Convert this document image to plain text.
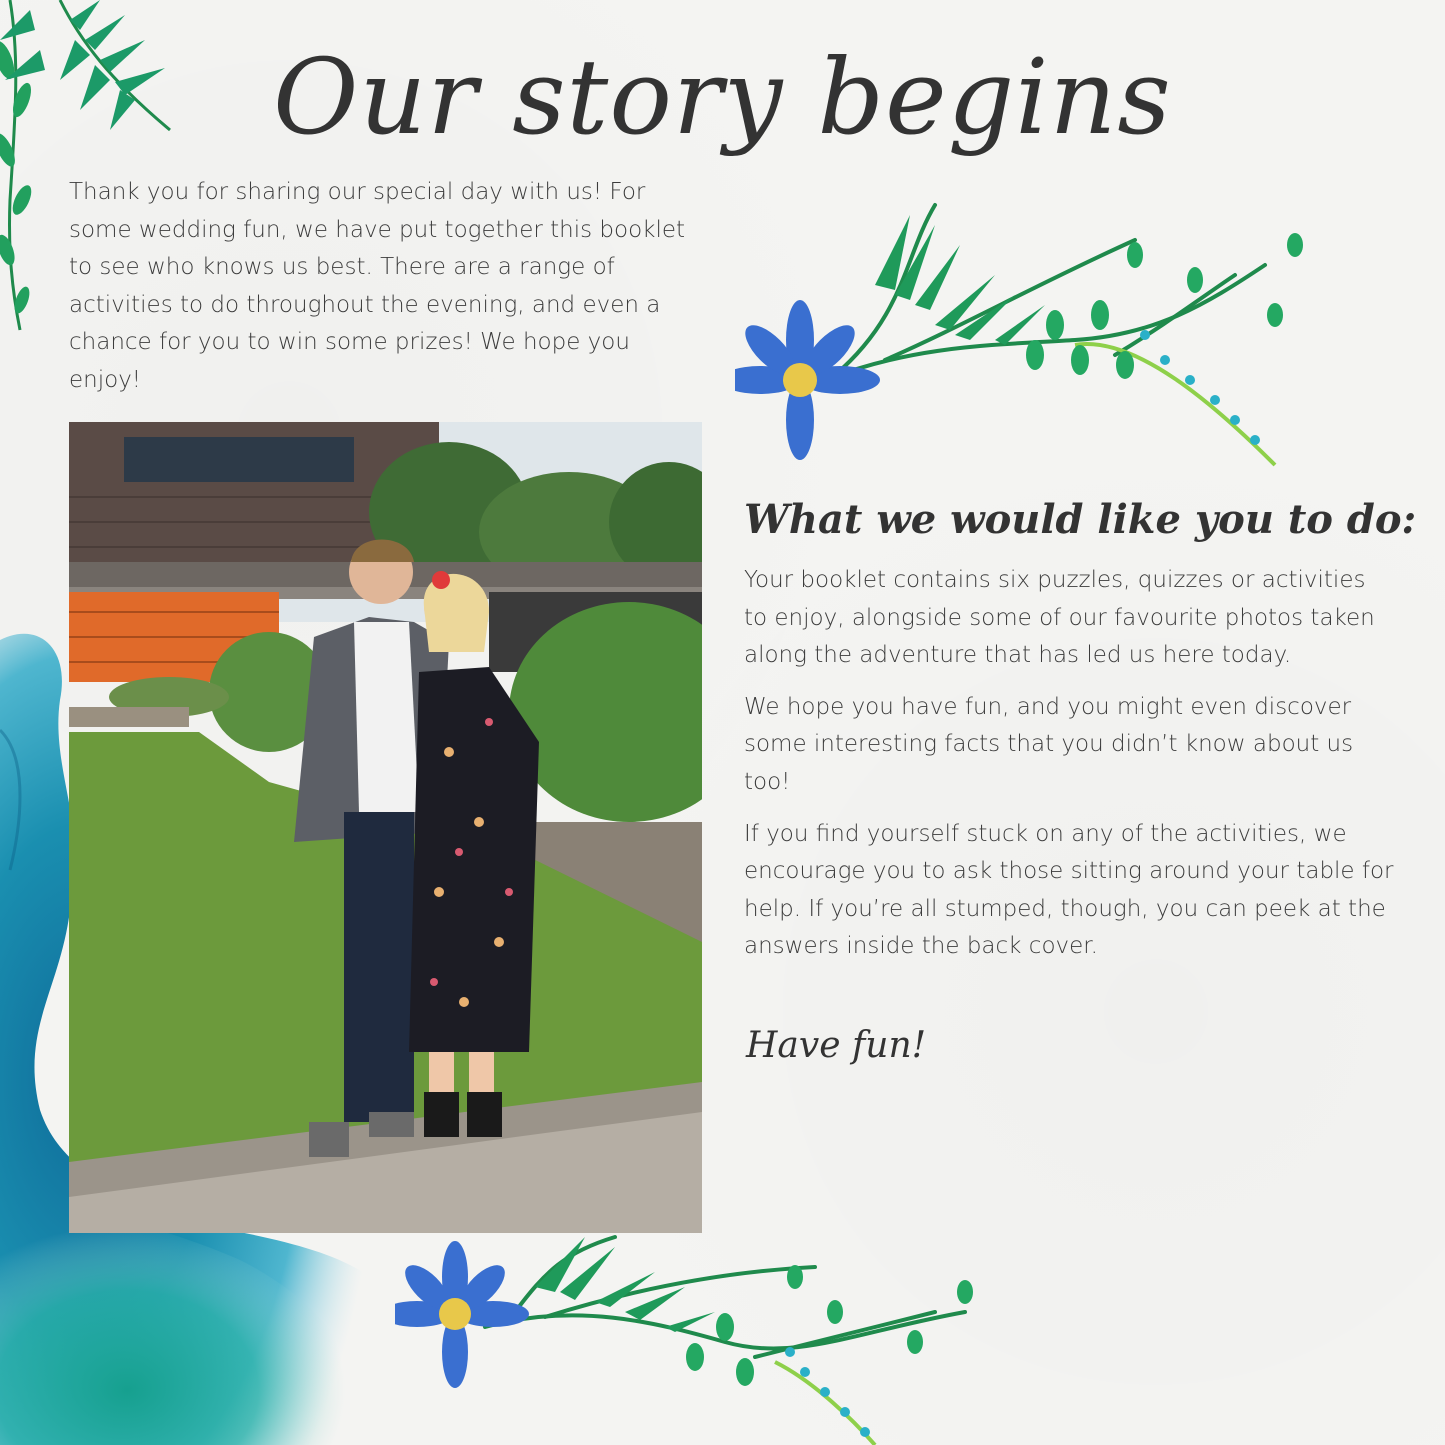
Our story begins

Thank you for sharing our special day with us! For some wedding fun, we have put together this booklet to see who knows us best. There are a range of activities to do throughout the evening, and even a chance for you to win some prizes! We hope you enjoy!

What we would like you to do:

Your booklet contains six puzzles, quizzes or activities to enjoy, alongside some of our favourite photos taken along the adventure that has led us here today.

We hope you have fun, and you might even discover some interesting facts that you didn’t know about us too!

If you find yourself stuck on any of the activities, we encourage you to ask those sitting around your table for help. If you’re all stumped, though, you can peek at the answers inside the back cover.

Have fun!
